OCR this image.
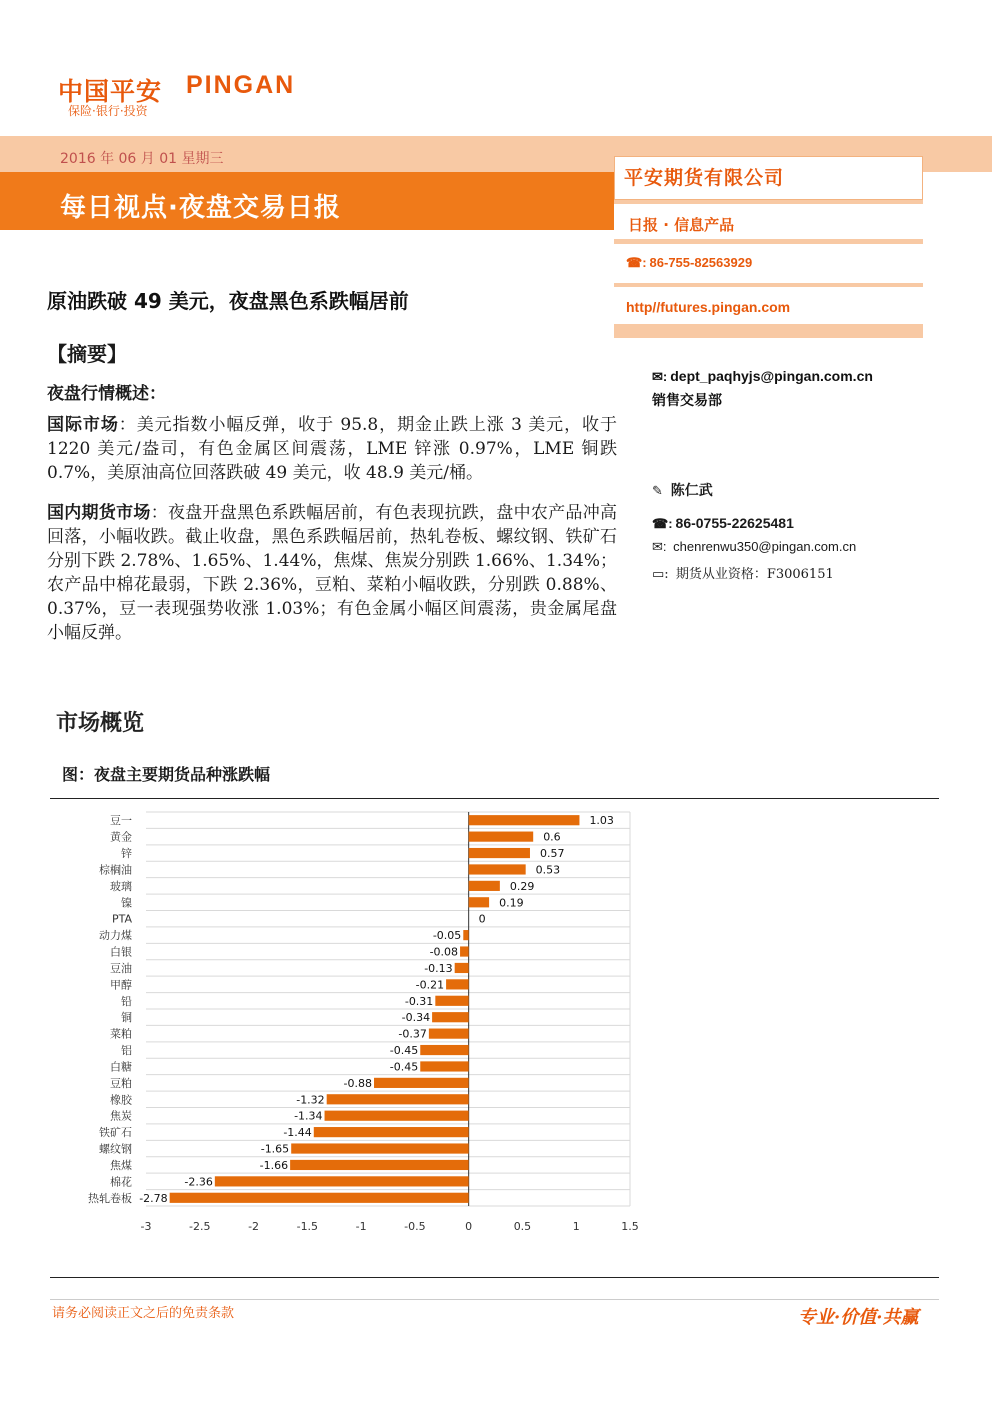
中国平安 PINGAN
保险·银行·投资
2016 年 06 月 01 星期三
每日视点·夜盘交易日报
平安期货有限公司
日报 · 信息产品
☎: 86-755-82563929
http//futures.pingan.com
✉: dept_paqhyjs@pingan.com.cn
销售交易部
✎ 陈仁武
☎: 86-0755-22625481
✉: chenrenwu350@pingan.com.cn
▭: 期货从业资格：F3006151
原油跌破 49 美元，夜盘黑色系跌幅居前
【摘要】
夜盘行情概述：
国际市场：美元指数小幅反弹，收于 95.8，期金止跌上涨 3 美元，收于 1220 美元/盎司，有色金属区间震荡，LME 锌涨 0.97%，LME 铜跌 0.7%，美原油高位回落跌破 49 美元，收 48.9 美元/桶。
国内期货市场：夜盘开盘黑色系跌幅居前，有色表现抗跌，盘中农产品冲高回落，小幅收跌。截止收盘，黑色系跌幅居前，热轧卷板、螺纹钢、铁矿石分别下跌 2.78%、1.65%、1.44%，焦煤、焦炭分别跌 1.66%、1.34%；农产品中棉花最弱，下跌 2.36%，豆粕、菜粕小幅收跌，分别跌 0.88%、0.37%，豆一表现强势收涨 1.03%；有色金属小幅区间震荡，贵金属尾盘小幅反弹。
市场概览
图：夜盘主要期货品种涨跌幅
豆一	1.03
黄金	0.6
锌	0.57
棕榈油	0.53
玻璃	0.29
镍	0.19
PTA	0
动力煤	-0.05
白银	-0.08
豆油	-0.13
甲醇	-0.21
铅	-0.31
铜	-0.34
菜粕	-0.37
铝	-0.45
白糖	-0.45
豆粕	-0.88
橡胶	-1.32
焦炭	-1.34
铁矿石	-1.44
螺纹钢	-1.65
焦煤	-1.66
棉花	-2.36
热轧卷板 -2.78
-3	-2.5	-2	-1.5	-1	-0.5	0	0.5	1	1.5
请务必阅读正文之后的免责条款	专业·价值·共赢
